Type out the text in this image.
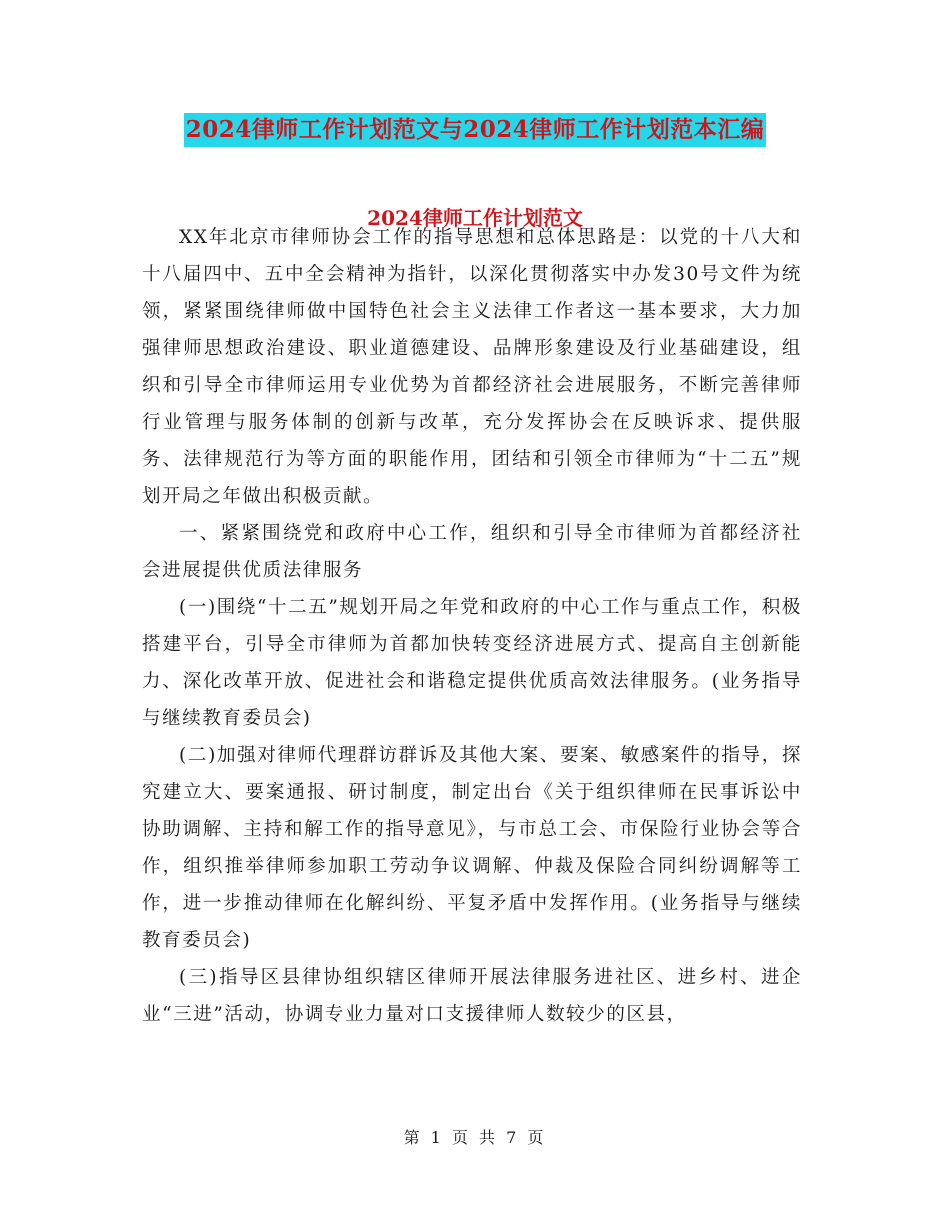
2024律师工作计划范文与2024律师工作计划范本汇编
2024律师工作计划范文

XX年北京市律师协会工作的指导思想和总体思路是：以党的十八大和十八届四中、五中全会精神为指针，以深化贯彻落实中办发30号文件为统领，紧紧围绕律师做中国特色社会主义法律工作者这一基本要求，大力加强律师思想政治建设、职业道德建设、品牌形象建设及行业基础建设，组织和引导全市律师运用专业优势为首都经济社会进展服务，不断完善律师行业管理与服务体制的创新与改革，充分发挥协会在反映诉求、提供服务、法律规范行为等方面的职能作用，团结和引领全市律师为“十二五”规划开局之年做出积极贡献。

一、紧紧围绕党和政府中心工作，组织和引导全市律师为首都经济社会进展提供优质法律服务

(一)围绕“十二五”规划开局之年党和政府的中心工作与重点工作，积极搭建平台，引导全市律师为首都加快转变经济进展方式、提高自主创新能力、深化改革开放、促进社会和谐稳定提供优质高效法律服务。(业务指导与继续教育委员会)

(二)加强对律师代理群访群诉及其他大案、要案、敏感案件的指导，探究建立大、要案通报、研讨制度，制定出台《关于组织律师在民事诉讼中协助调解、主持和解工作的指导意见》，与市总工会、市保险行业协会等合作，组织推举律师参加职工劳动争议调解、仲裁及保险合同纠纷调解等工作，进一步推动律师在化解纠纷、平复矛盾中发挥作用。(业务指导与继续教育委员会)

(三)指导区县律协组织辖区律师开展法律服务进社区、进乡村、进企业“三进”活动，协调专业力量对口支援律师人数较少的区县，

第 1 页 共 7 页
